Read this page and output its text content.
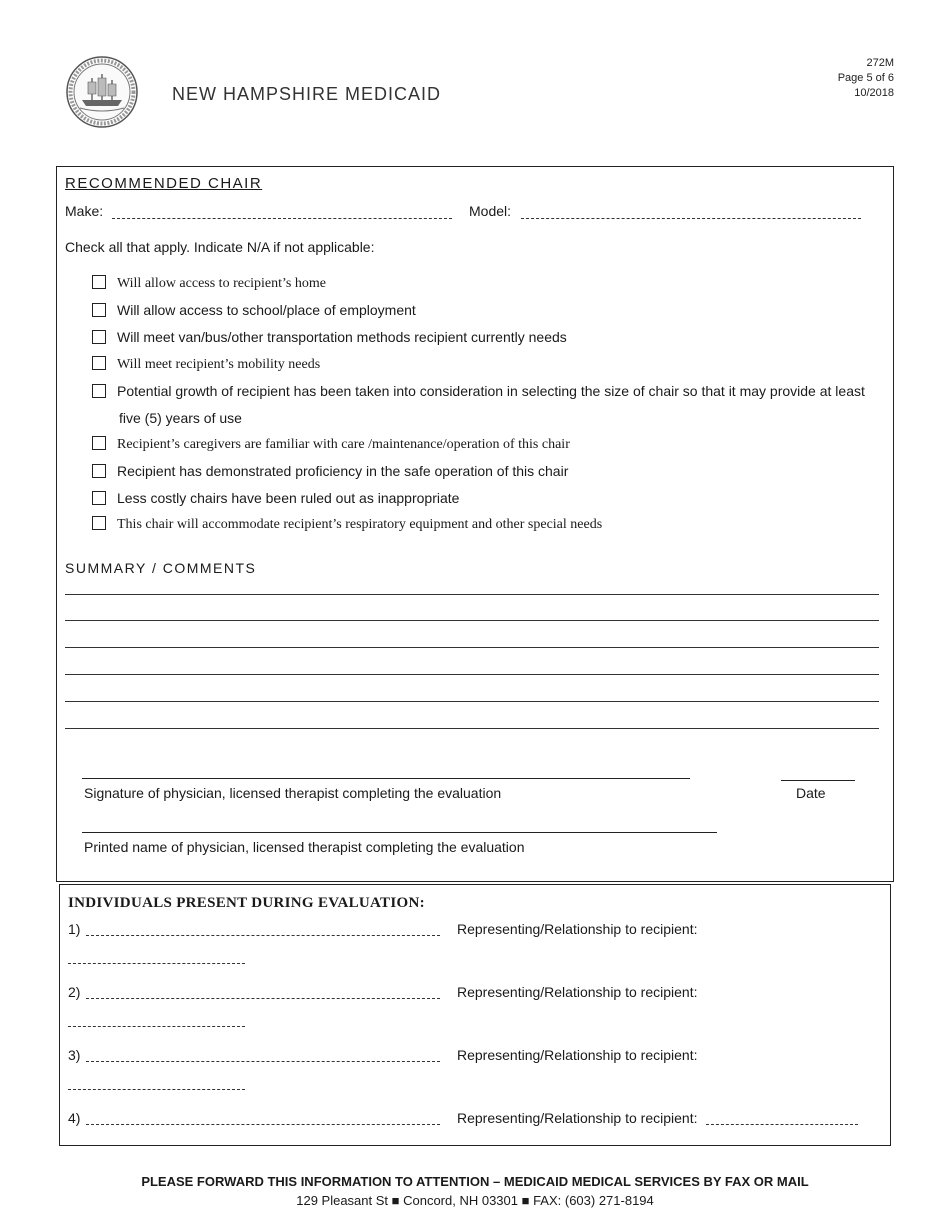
NEW HAMPSHIRE MEDICAID
272M
Page 5 of 6
10/2018
RECOMMENDED CHAIR
Make:	Model:
Check all that apply. Indicate N/A if not applicable:
Will allow access to recipient’s home
Will allow access to school/place of employment
Will meet van/bus/other transportation methods recipient currently needs
Will meet recipient’s mobility needs
Potential growth of recipient has been taken into consideration in selecting the size of chair so that it may provide at least
five (5) years of use
Recipient’s caregivers are familiar with care /maintenance/operation of this chair
Recipient has demonstrated proficiency in the safe operation of this chair
Less costly chairs have been ruled out as inappropriate
This chair will accommodate recipient’s respiratory equipment and other special needs
SUMMARY / COMMENTS
Signature of physician, licensed therapist completing the evaluation	Date
Printed name of physician, licensed therapist completing the evaluation
INDIVIDUALS PRESENT DURING EVALUATION:
1)	Representing/Relationship to recipient:
2)	Representing/Relationship to recipient:
3)	Representing/Relationship to recipient:
4)	Representing/Relationship to recipient:
PLEASE FORWARD THIS INFORMATION TO ATTENTION – MEDICAID MEDICAL SERVICES BY FAX OR MAIL
129 Pleasant St ■ Concord, NH 03301 ■ FAX: (603) 271-8194
